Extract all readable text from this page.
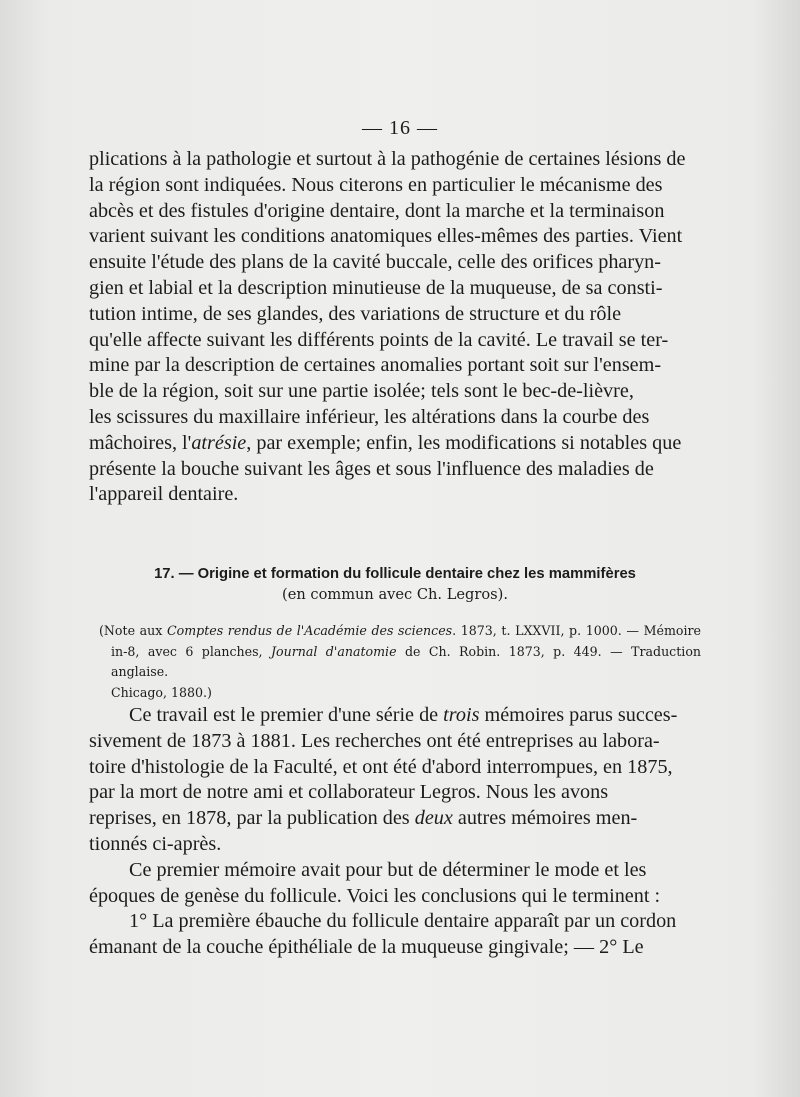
— 16 —

plications à la pathologie et surtout à la pathogénie de certaines lésions de

la région sont indiquées. Nous citerons en particulier le mécanisme des

abcès et des fistules d'origine dentaire, dont la marche et la terminaison

varient suivant les conditions anatomiques elles-mêmes des parties. Vient

ensuite l'étude des plans de la cavité buccale, celle des orifices pharyn-

gien et labial et la description minutieuse de la muqueuse, de sa consti-

tution intime, de ses glandes, des variations de structure et du rôle

qu'elle affecte suivant les différents points de la cavité. Le travail se ter-

mine par la description de certaines anomalies portant soit sur l'ensem-

ble de la région, soit sur une partie isolée; tels sont le bec-de-lièvre,

les scissures du maxillaire inférieur, les altérations dans la courbe des

mâchoires, l'atrésie, par exemple; enfin, les modifications si notables que

présente la bouche suivant les âges et sous l'influence des maladies de

l'appareil dentaire.

17. — Origine et formation du follicule dentaire chez les mammifères
(en commun avec Ch. Legros).
(Note aux Comptes rendus de l'Académie des sciences. 1873, t. LXXVII, p. 1000. — Mémoire
in-8, avec 6 planches, Journal d'anatomie de Ch. Robin. 1873, p. 449. — Traduction anglaise.
Chicago, 1880.)

Ce travail est le premier d'une série de trois mémoires parus succes-

sivement de 1873 à 1881. Les recherches ont été entreprises au labora-

toire d'histologie de la Faculté, et ont été d'abord interrompues, en 1875,

par la mort de notre ami et collaborateur Legros. Nous les avons

reprises, en 1878, par la publication des deux autres mémoires men-

tionnés ci-après.

Ce premier mémoire avait pour but de déterminer le mode et les

époques de genèse du follicule. Voici les conclusions qui le terminent :

1° La première ébauche du follicule dentaire apparaît par un cordon

émanant de la couche épithéliale de la muqueuse gingivale; — 2° Le
